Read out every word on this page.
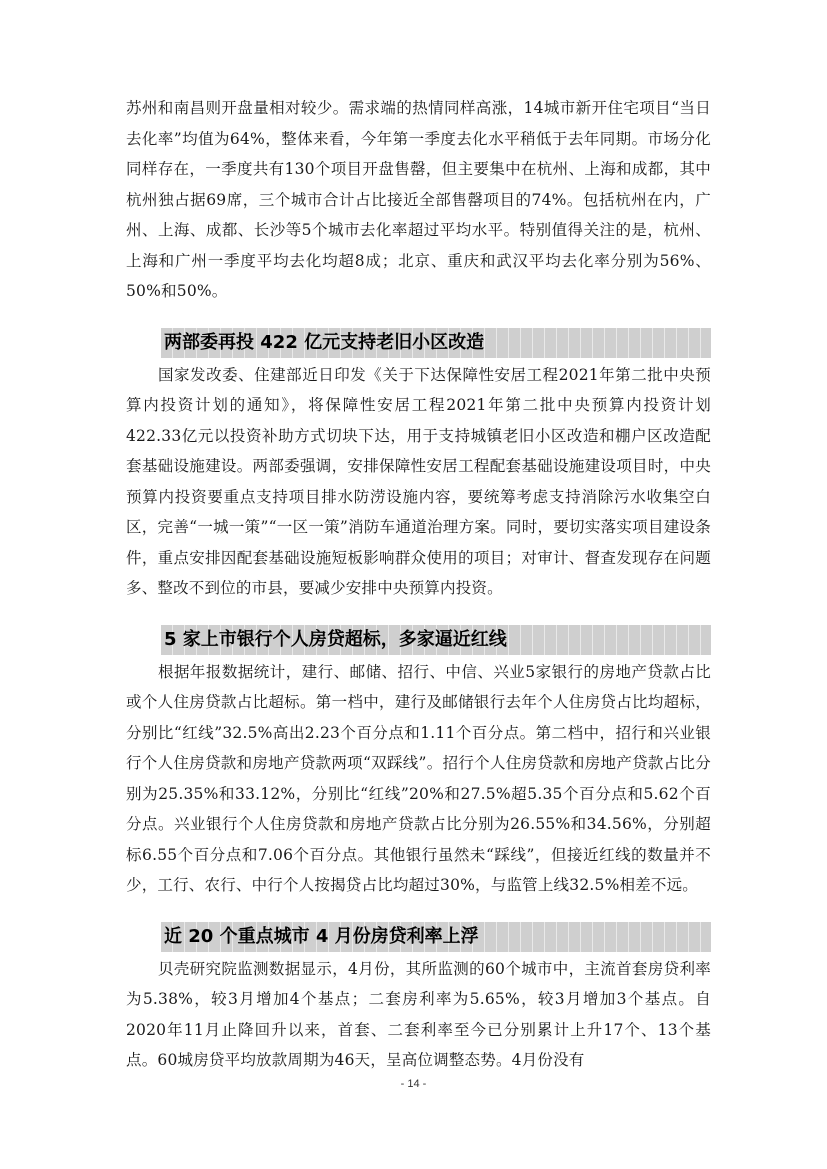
苏州和南昌则开盘量相对较少。需求端的热情同样高涨，14城市新开住宅项目“当日去化率”均值为64%，整体来看，今年第一季度去化水平稍低于去年同期。市场分化同样存在，一季度共有130个项目开盘售罄，但主要集中在杭州、上海和成都，其中杭州独占据69席，三个城市合计占比接近全部售罄项目的74%。包括杭州在内，广州、上海、成都、长沙等5个城市去化率超过平均水平。特别值得关注的是，杭州、上海和广州一季度平均去化均超8成；北京、重庆和武汉平均去化率分别为56%、50%和50%。

两部委再投 422 亿元支持老旧小区改造

国家发改委、住建部近日印发《关于下达保障性安居工程2021年第二批中央预算内投资计划的通知》，将保障性安居工程2021年第二批中央预算内投资计划422.33亿元以投资补助方式切块下达，用于支持城镇老旧小区改造和棚户区改造配套基础设施建设。两部委强调，安排保障性安居工程配套基础设施建设项目时，中央预算内投资要重点支持项目排水防涝设施内容，要统筹考虑支持消除污水收集空白区，完善“一城一策”“一区一策”消防车通道治理方案。同时，要切实落实项目建设条件，重点安排因配套基础设施短板影响群众使用的项目；对审计、督查发现存在问题多、整改不到位的市县，要减少安排中央预算内投资。

5 家上市银行个人房贷超标，多家逼近红线

根据年报数据统计，建行、邮储、招行、中信、兴业5家银行的房地产贷款占比或个人住房贷款占比超标。第一档中，建行及邮储银行去年个人住房贷占比均超标，分别比“红线”32.5%高出2.23个百分点和1.11个百分点。第二档中，招行和兴业银行个人住房贷款和房地产贷款两项“双踩线”。招行个人住房贷款和房地产贷款占比分别为25.35%和33.12%，分别比“红线”20%和27.5%超5.35个百分点和5.62个百分点。兴业银行个人住房贷款和房地产贷款占比分别为26.55%和34.56%，分别超标6.55个百分点和7.06个百分点。其他银行虽然未“踩线”，但接近红线的数量并不少，工行、农行、中行个人按揭贷占比均超过30%，与监管上线32.5%相差不远。

近 20 个重点城市 4 月份房贷利率上浮

贝壳研究院监测数据显示，4月份，其所监测的60个城市中，主流首套房贷利率为5.38%，较3月增加4个基点；二套房利率为5.65%，较3月增加3个基点。自2020年11月止降回升以来，首套、二套利率至今已分别累计上升17个、13个基点。60城房贷平均放款周期为46天，呈高位调整态势。4月份没有

- 14 -
